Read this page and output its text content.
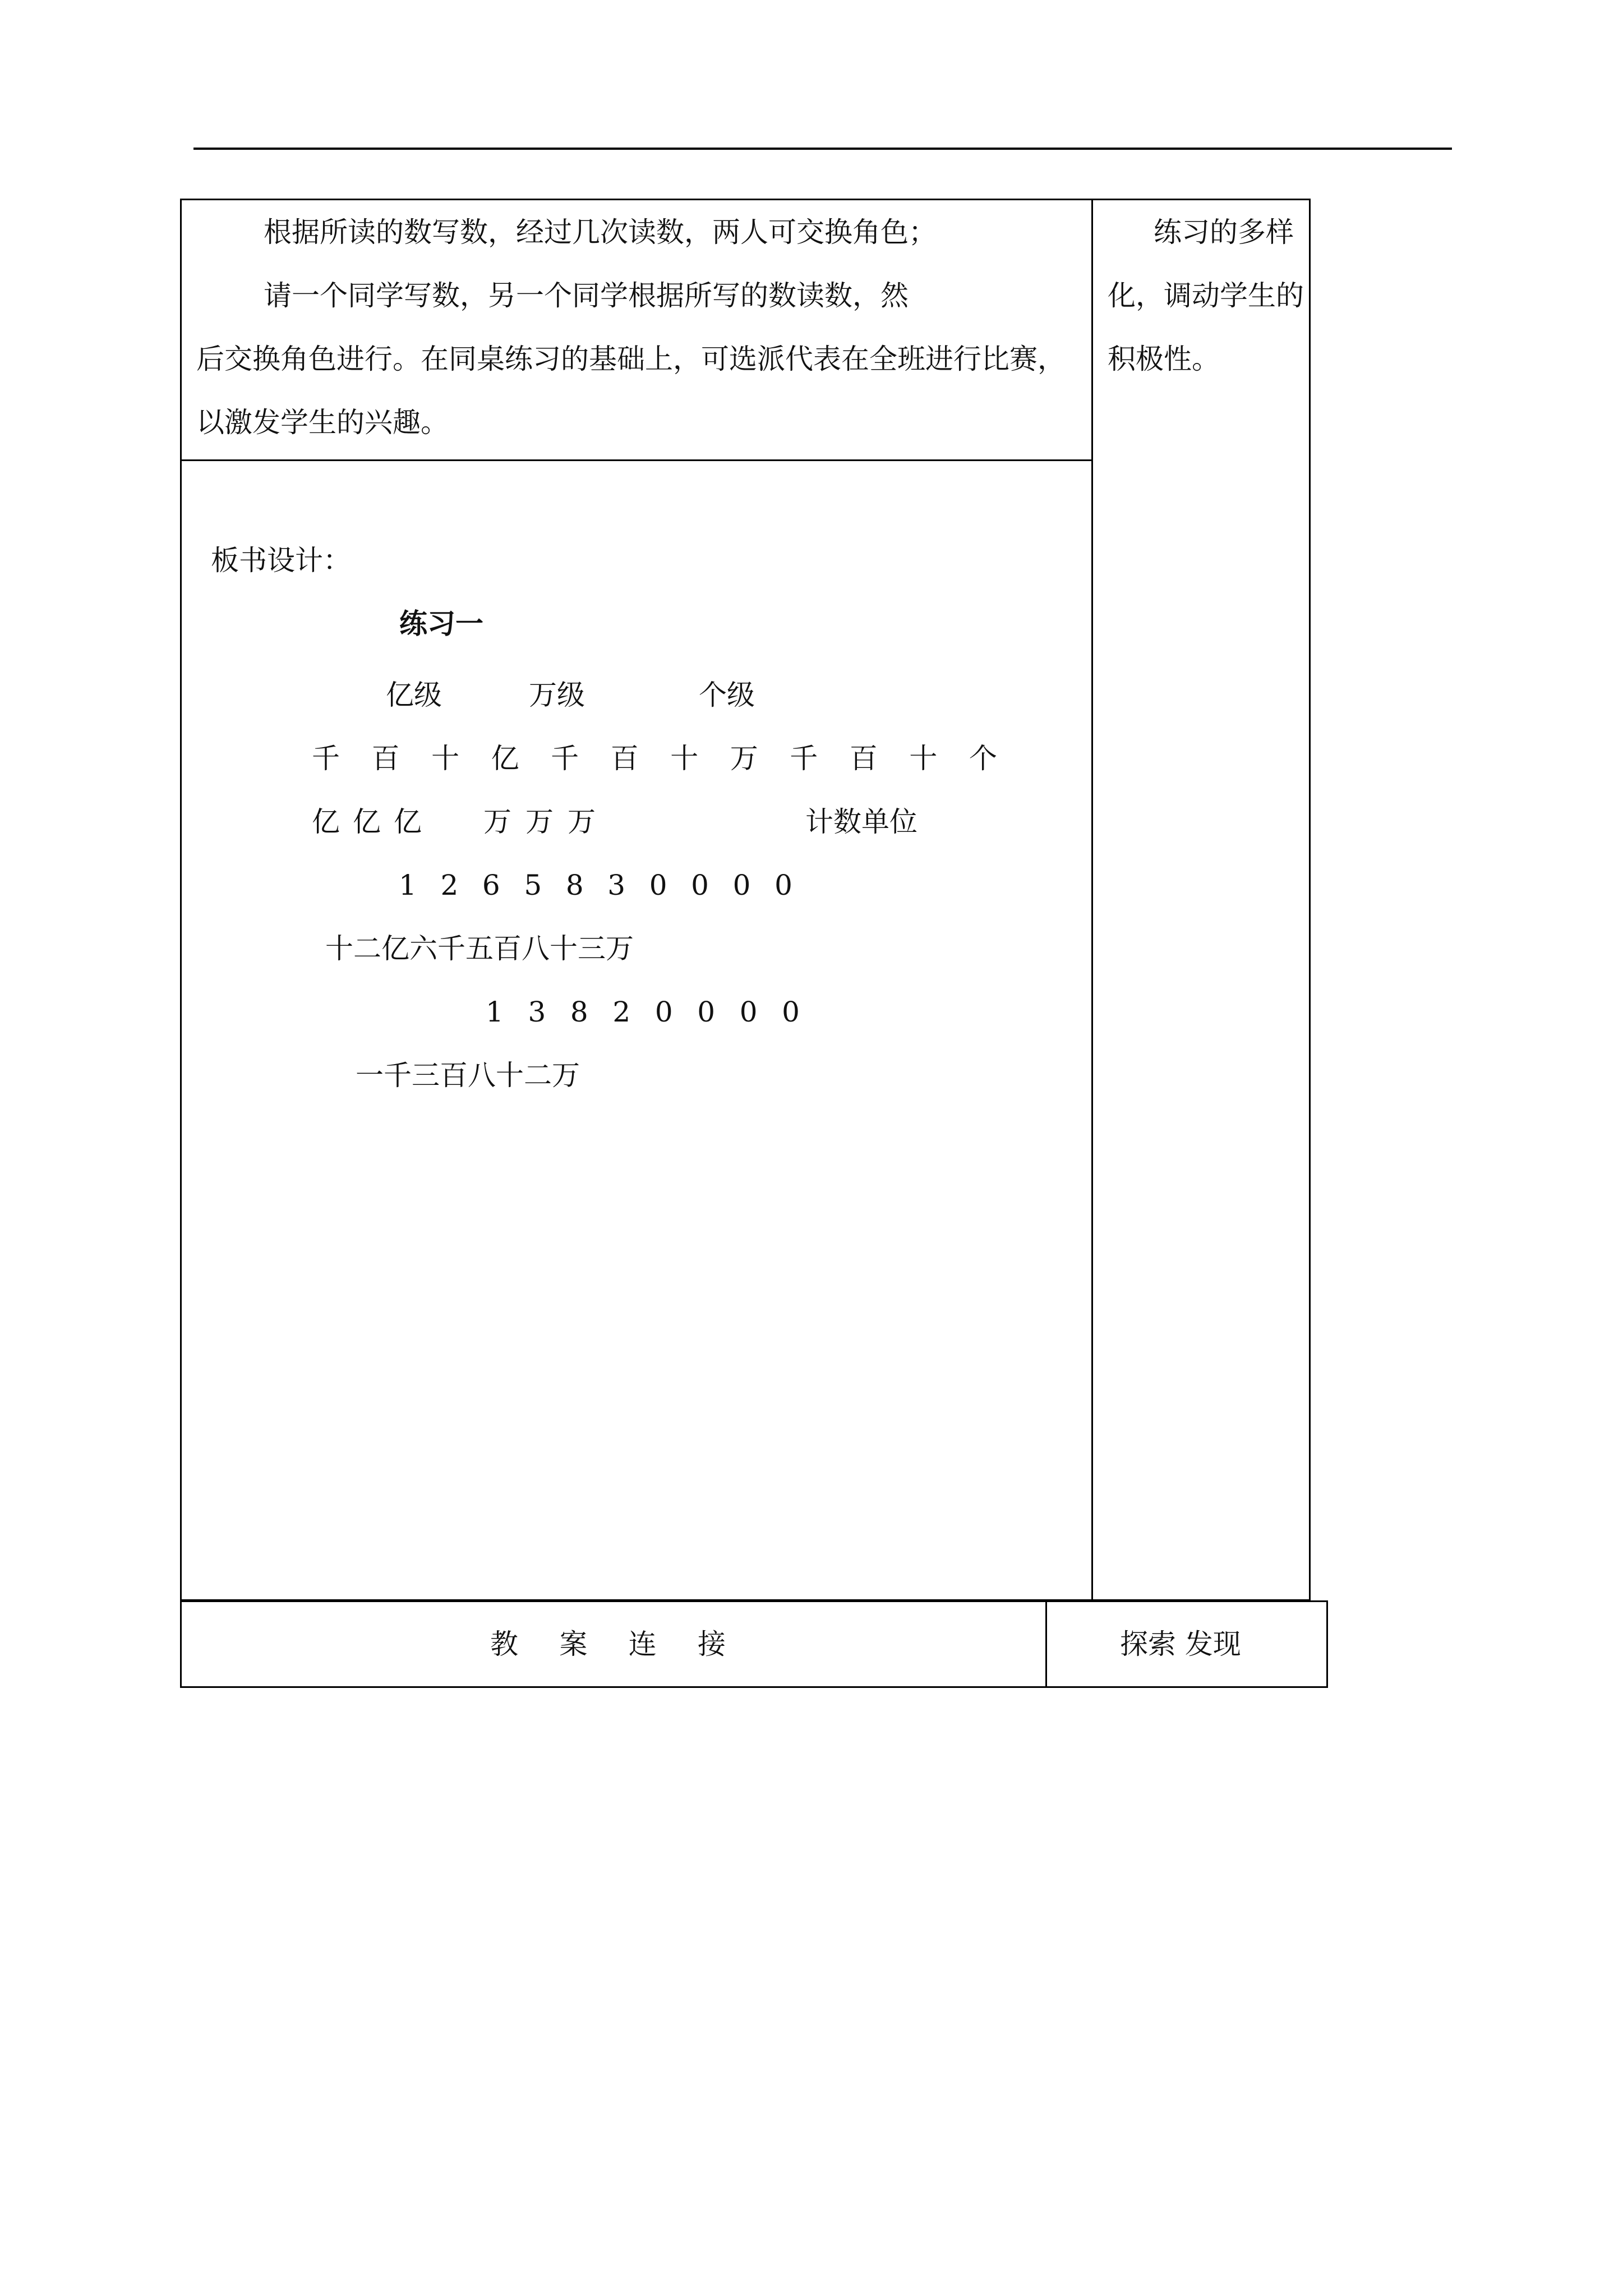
根据所读的数写数，经过几次读数，两人可交换角色；
请一个同学写数，另一个同学根据所写的数读数，然
后交换角色进行。在同桌练习的基础上，可选派代表在全班进行比赛，
以激发学生的兴趣。
练习的多样
化，调动学生的
积极性。
板书设计：
练习一
亿级	万级	个级
千 百 十 亿 千 百 十 万 千 百 十 个
亿 亿 亿 万 万 万	计数单位
1 2 6 5 8 3 0 0 0 0
十二亿六千五百八十三万
1 3 8 2 0 0 0 0
一千三百八十二万
教 案 连 接	探索 发现
